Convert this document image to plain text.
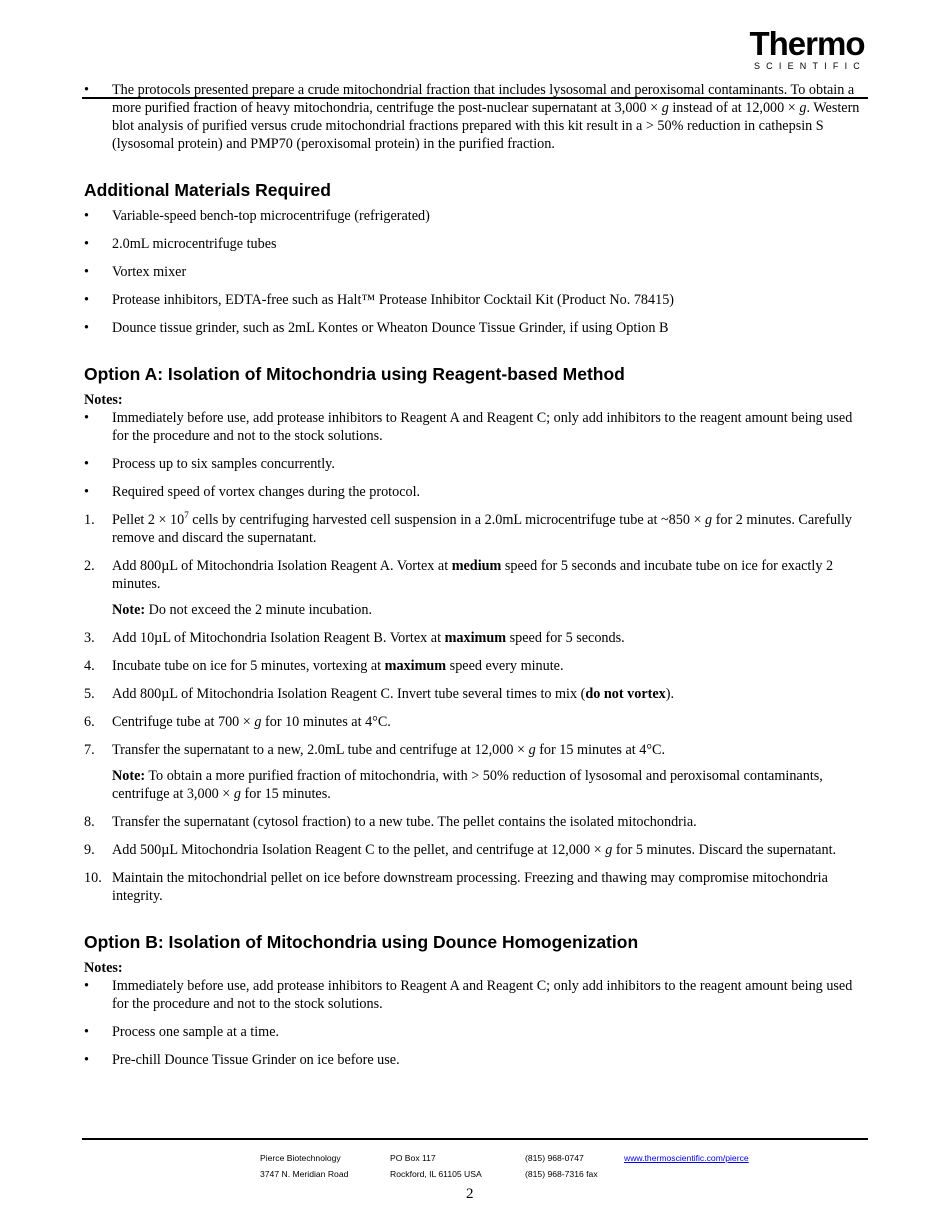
Thermo
SCIENTIFIC
• The protocols presented prepare a crude mitochondrial fraction that includes lysosomal and peroxisomal contaminants. To obtain a more purified fraction of heavy mitochondria, centrifuge the post-nuclear supernatant at 3,000 × g instead of at 12,000 × g. Western blot analysis of purified versus crude mitochondrial fractions prepared with this kit result in a > 50% reduction in cathepsin S (lysosomal protein) and PMP70 (peroxisomal protein) in the purified fraction.
Additional Materials Required
• Variable-speed bench-top microcentrifuge (refrigerated)
• 2.0mL microcentrifuge tubes
• Vortex mixer
• Protease inhibitors, EDTA-free such as Halt™ Protease Inhibitor Cocktail Kit (Product No. 78415)
• Dounce tissue grinder, such as 2mL Kontes or Wheaton Dounce Tissue Grinder, if using Option B
Option A: Isolation of Mitochondria using Reagent-based Method
Notes:
• Immediately before use, add protease inhibitors to Reagent A and Reagent C; only add inhibitors to the reagent amount being used for the procedure and not to the stock solutions.
• Process up to six samples concurrently.
• Required speed of vortex changes during the protocol.
1. Pellet $2 \times 10^7$ cells by centrifuging harvested cell suspension in a 2.0mL microcentrifuge tube at ~850 × g for 2 minutes. Carefully remove and discard the supernatant.
2. Add 800µL of Mitochondria Isolation Reagent A. Vortex at medium speed for 5 seconds and incubate tube on ice for exactly 2 minutes.
Note: Do not exceed the 2 minute incubation.
3. Add 10µL of Mitochondria Isolation Reagent B. Vortex at maximum speed for 5 seconds.
4. Incubate tube on ice for 5 minutes, vortexing at maximum speed every minute.
5. Add 800µL of Mitochondria Isolation Reagent C. Invert tube several times to mix (do not vortex).
6. Centrifuge tube at 700 × g for 10 minutes at 4°C.
7. Transfer the supernatant to a new, 2.0mL tube and centrifuge at 12,000 × g for 15 minutes at 4°C.
Note: To obtain a more purified fraction of mitochondria, with > 50% reduction of lysosomal and peroxisomal contaminants, centrifuge at 3,000 × g for 15 minutes.
8. Transfer the supernatant (cytosol fraction) to a new tube. The pellet contains the isolated mitochondria.
9. Add 500µL Mitochondria Isolation Reagent C to the pellet, and centrifuge at 12,000 × g for 5 minutes. Discard the supernatant.
10. Maintain the mitochondrial pellet on ice before downstream processing. Freezing and thawing may compromise mitochondria integrity.
Option B: Isolation of Mitochondria using Dounce Homogenization
Notes:
• Immediately before use, add protease inhibitors to Reagent A and Reagent C; only add inhibitors to the reagent amount being used for the procedure and not to the stock solutions.
• Process one sample at a time.
• Pre-chill Dounce Tissue Grinder on ice before use.
Pierce Biotechnology
3747 N. Meridian Road
PO Box 117
Rockford, IL 61105 USA
(815) 968-0747
(815) 968-7316 fax
www.thermoscientific.com/pierce
2
